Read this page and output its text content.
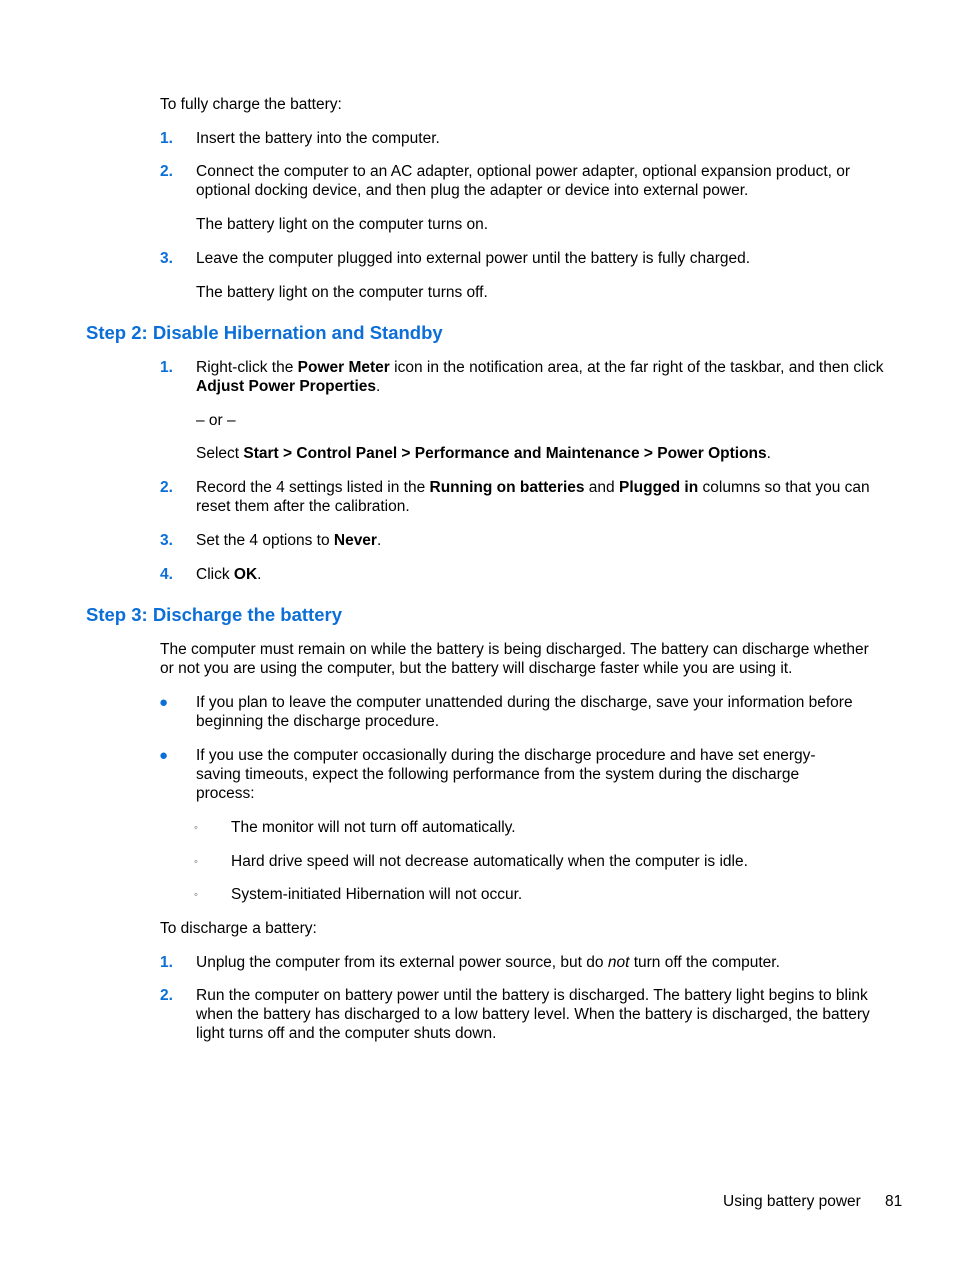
To fully charge the battery:
1. Insert the battery into the computer.
2. Connect the computer to an AC adapter, optional power adapter, optional expansion product, or optional docking device, and then plug the adapter or device into external power.
The battery light on the computer turns on.
3. Leave the computer plugged into external power until the battery is fully charged.
The battery light on the computer turns off.
Step 2: Disable Hibernation and Standby
1. Right-click the Power Meter icon in the notification area, at the far right of the taskbar, and then click Adjust Power Properties.
– or –
Select Start > Control Panel > Performance and Maintenance > Power Options.
2. Record the 4 settings listed in the Running on batteries and Plugged in columns so that you can reset them after the calibration.
3. Set the 4 options to Never.
4. Click OK.
Step 3: Discharge the battery
The computer must remain on while the battery is being discharged. The battery can discharge whether or not you are using the computer, but the battery will discharge faster while you are using it.
● If you plan to leave the computer unattended during the discharge, save your information before beginning the discharge procedure.
● If you use the computer occasionally during the discharge procedure and have set energy-saving timeouts, expect the following performance from the system during the discharge process:
◦ The monitor will not turn off automatically.
◦ Hard drive speed will not decrease automatically when the computer is idle.
◦ System-initiated Hibernation will not occur.
To discharge a battery:
1. Unplug the computer from its external power source, but do not turn off the computer.
2. Run the computer on battery power until the battery is discharged. The battery light begins to blink when the battery has discharged to a low battery level. When the battery is discharged, the battery light turns off and the computer shuts down.
Using battery power 81
